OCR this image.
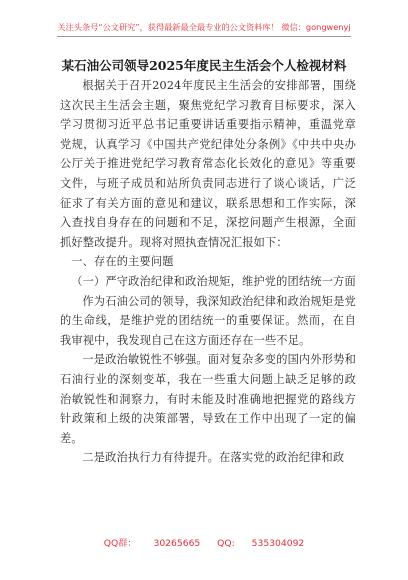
关注头条号“公文研究”，获得最新最全最专业的公文资料库！ 微信：gongwenyj
某石油公司领导2025年度民主生活会个人检视材料

根据关于召开2024年度民主生活会的安排部署，围绕这次民主生活会主题，聚焦党纪学习教育目标要求，深入学习贯彻习近平总书记重要讲话重要指示精神，重温党章党规，认真学习《中国共产党纪律处分条例》《中共中央办公厅关于推进党纪学习教育常态化长效化的意见》等重要文件，与班子成员和站所负责同志进行了谈心谈话，广泛征求了有关方面的意见和建议，联系思想和工作实际，深入查找自身存在的问题和不足，深挖问题产生根源，全面抓好整改提升。现将对照执查情况汇报如下：

一、存在的主要问题

（一）严守政治纪律和政治规矩，维护党的团结统一方面

作为石油公司的领导，我深知政治纪律和政治规矩是党的生命线，是维护党的团结统一的重要保证。然而，在自我审视中，我发现自己在这方面还存在一些不足。

一是政治敏锐性不够强。面对复杂多变的国内外形势和石油行业的深刻变革，我在一些重大问题上缺乏足够的政治敏锐性和洞察力，有时未能及时准确地把握党的路线方针政策和上级的决策部署，导致在工作中出现了一定的偏差。

二是政治执行力有待提升。在落实党的政治纪律和政

QQ群： 30265665 QQ: 535304092
